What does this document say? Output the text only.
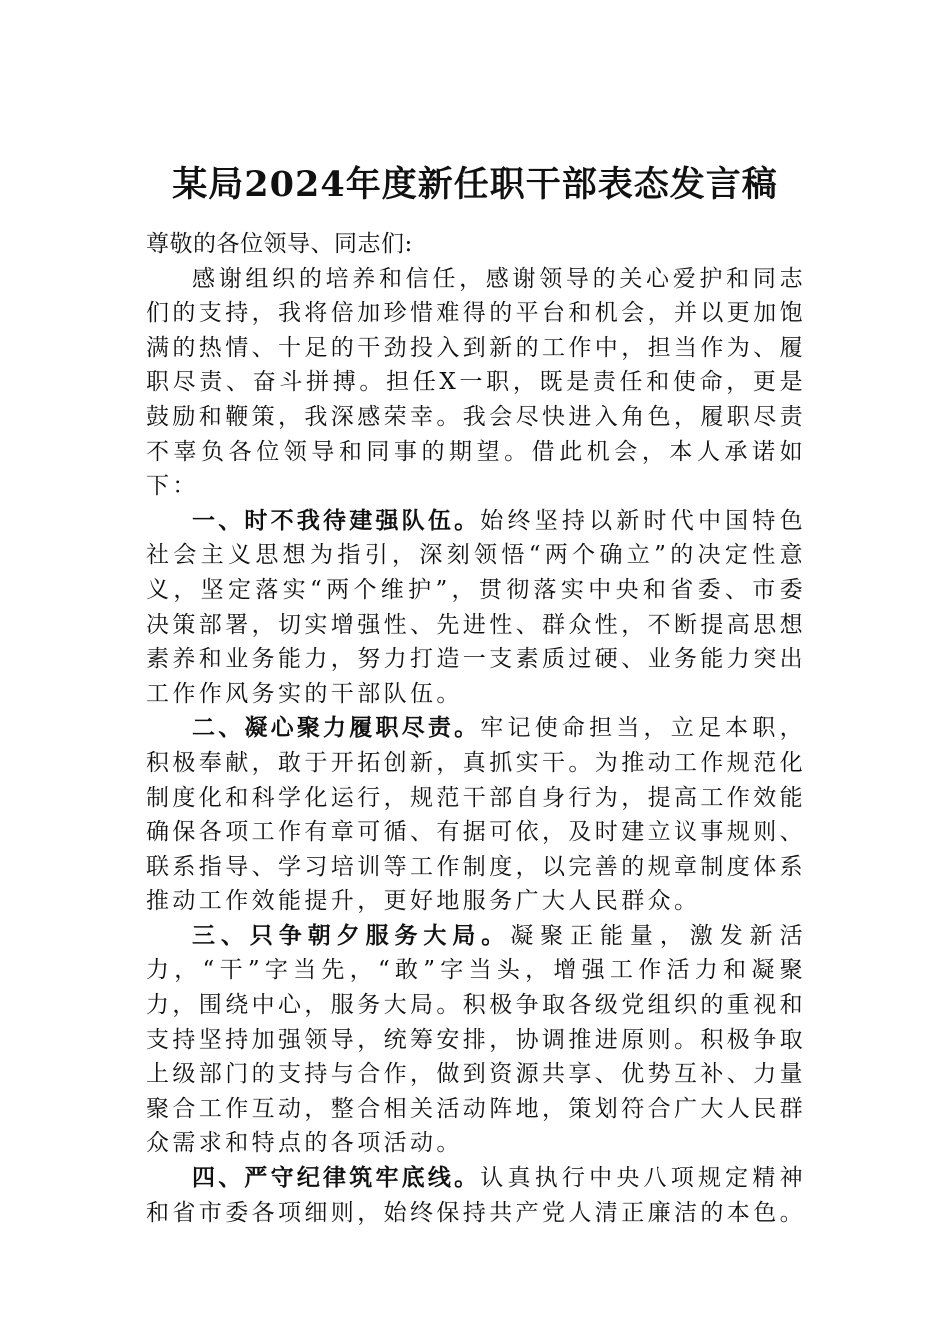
某局2024年度新任职干部表态发言稿

尊敬的各位领导、同志们:

感谢组织的培养和信任，感谢领导的关心爱护和同志们的支持，我将倍加珍惜难得的平台和机会，并以更加饱满的热情、十足的干劲投入到新的工作中，担当作为、履职尽责、奋斗拼搏。担任X一职，既是责任和使命，更是鼓励和鞭策，我深感荣幸。我会尽快进入角色，履职尽责不辜负各位领导和同事的期望。借此机会，本人承诺如下：

一、时不我待建强队伍。始终坚持以新时代中国特色社会主义思想为指引，深刻领悟“两个确立”的决定性意义，坚定落实“两个维护”，贯彻落实中央和省委、市委决策部署，切实增强性、先进性、群众性，不断提高思想素养和业务能力，努力打造一支素质过硬、业务能力突出工作作风务实的干部队伍。

二、凝心聚力履职尽责。牢记使命担当，立足本职，积极奉献，敢于开拓创新，真抓实干。为推动工作规范化制度化和科学化运行，规范干部自身行为，提高工作效能确保各项工作有章可循、有据可依，及时建立议事规则、联系指导、学习培训等工作制度，以完善的规章制度体系推动工作效能提升，更好地服务广大人民群众。

三、只争朝夕服务大局。凝聚正能量，激发新活力，“干”字当先，“敢”字当头，增强工作活力和凝聚力，围绕中心，服务大局。积极争取各级党组织的重视和支持坚持加强领导，统筹安排，协调推进原则。积极争取上级部门的支持与合作，做到资源共享、优势互补、力量聚合工作互动，整合相关活动阵地，策划符合广大人民群众需求和特点的各项活动。

四、严守纪律筑牢底线。认真执行中央八项规定精神和省市委各项细则，始终保持共产党人清正廉洁的本色。
